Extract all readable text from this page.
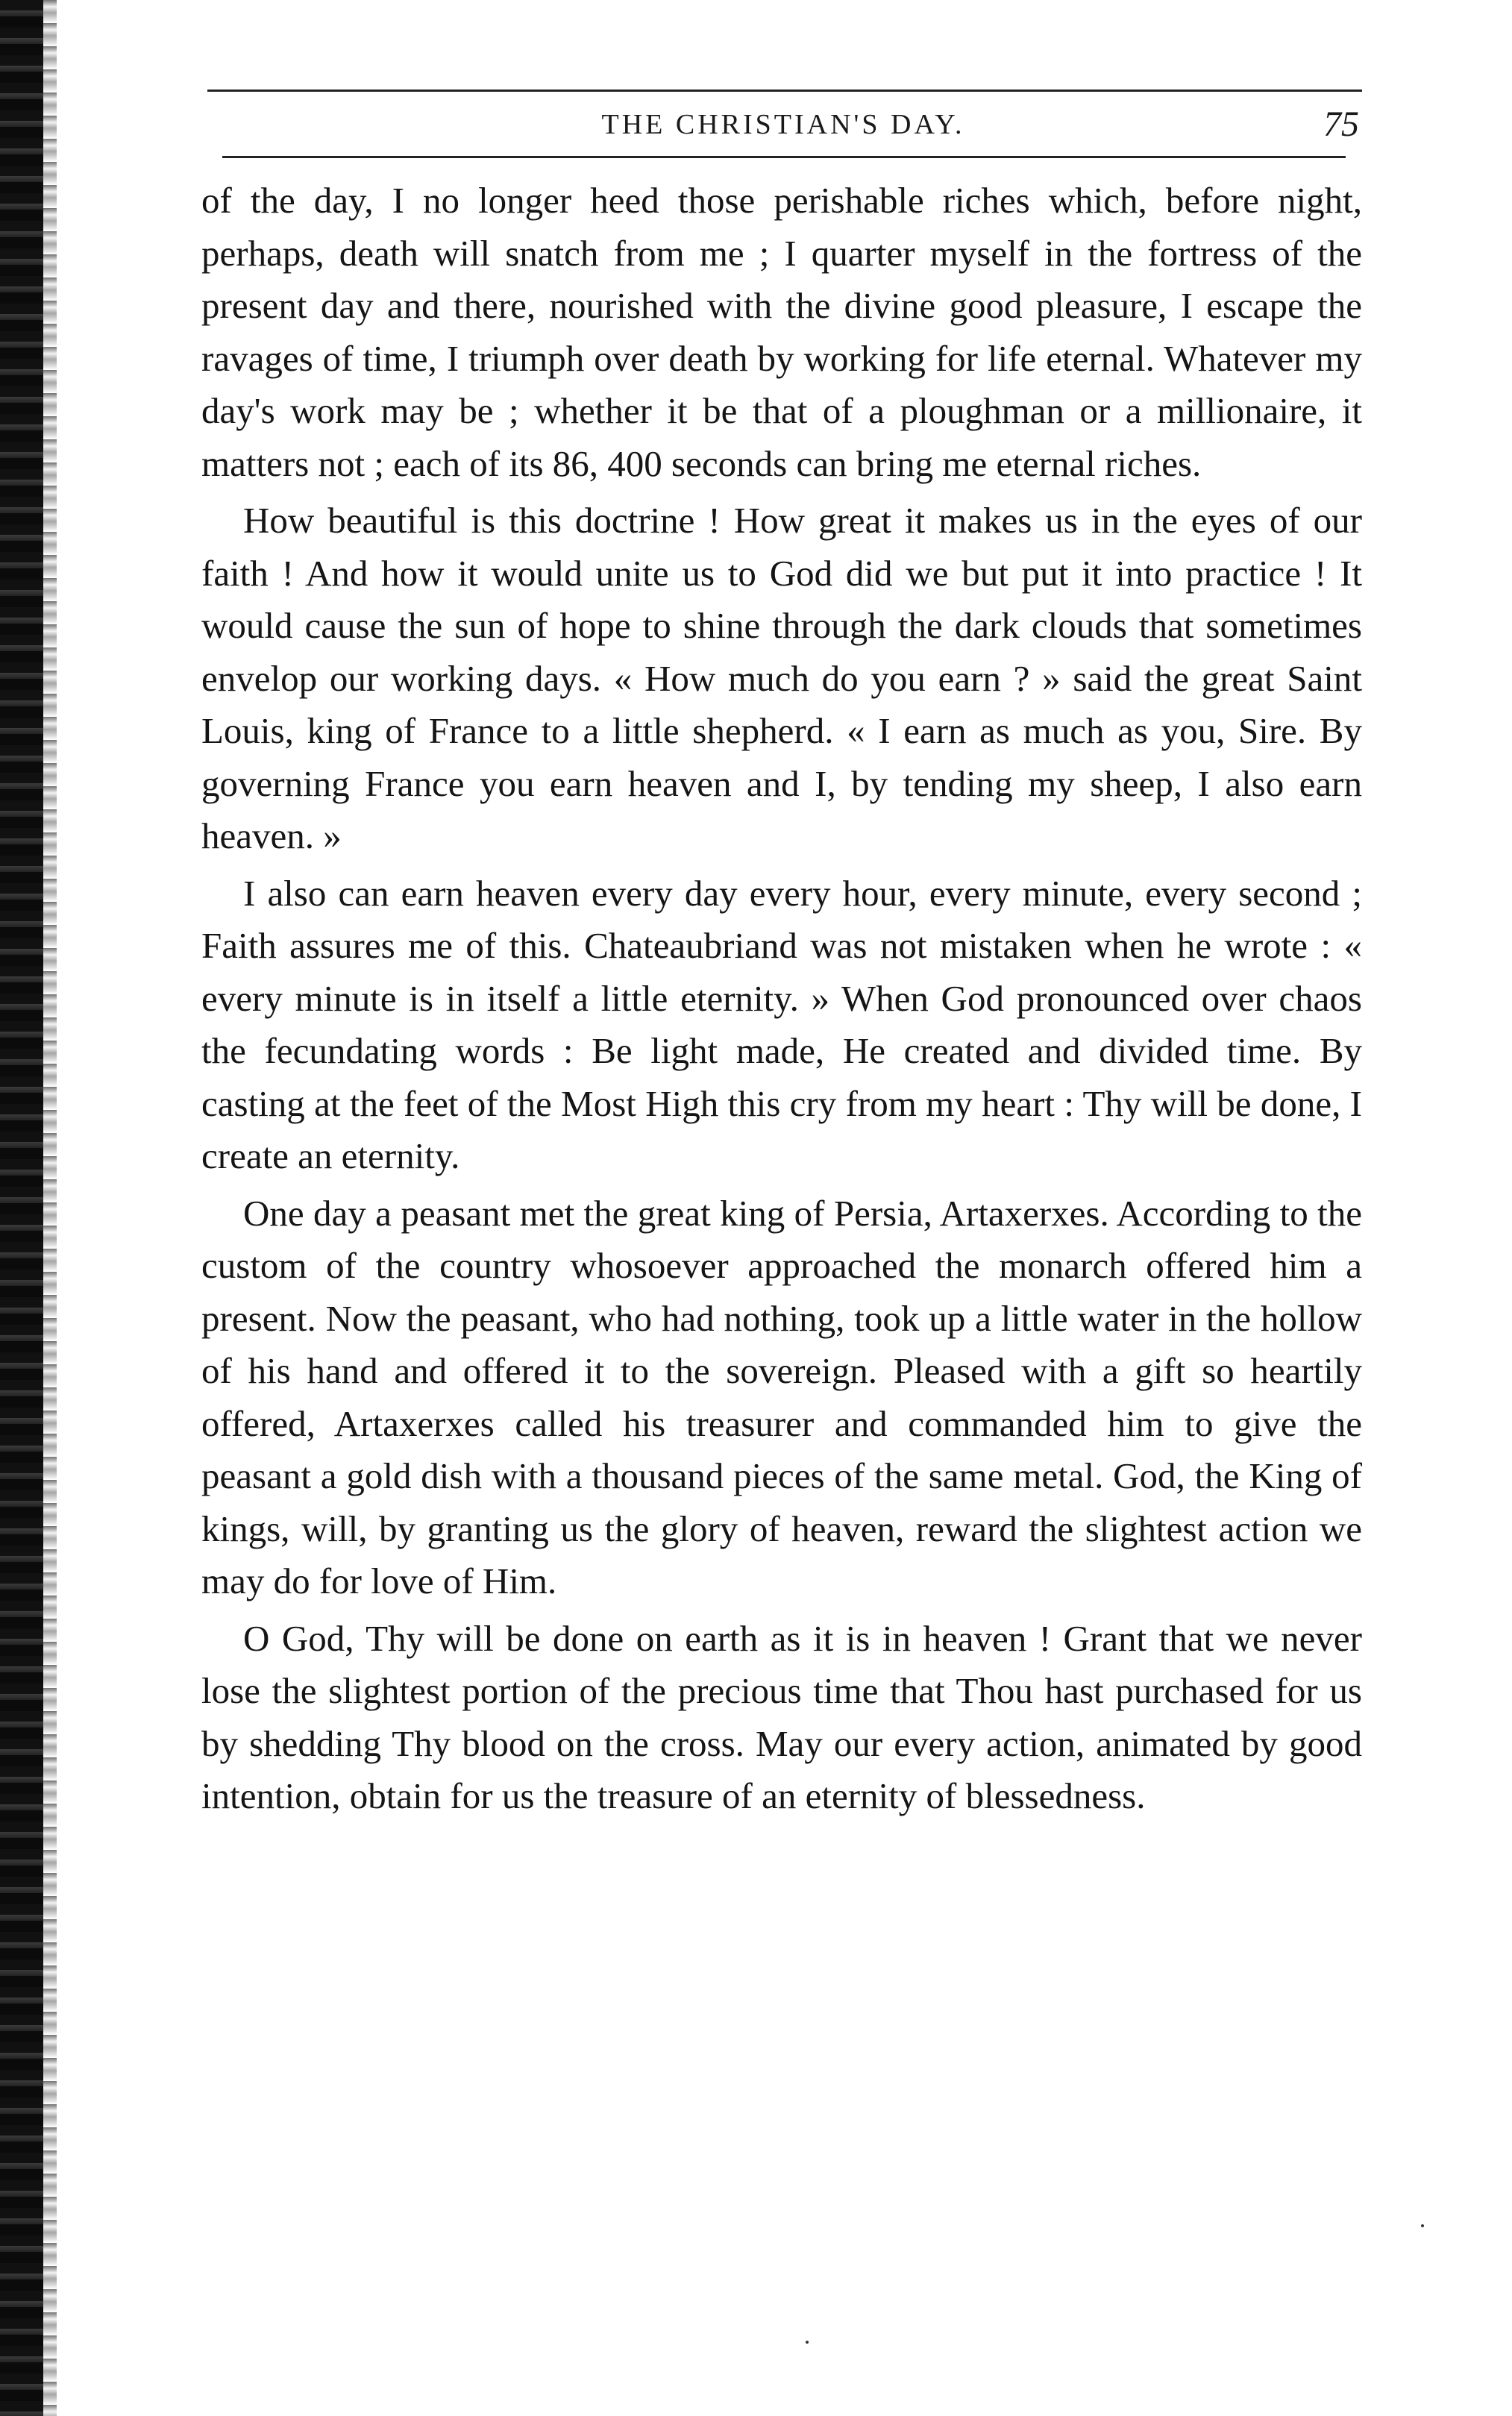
THE CHRISTIAN'S DAY.	75

of the day, I no longer heed those perishable riches which, before night, perhaps, death will snatch from me ; I quarter myself in the fortress of the present day and there, nourished with the divine good pleasure, I escape the ravages of time, I triumph over death by working for life eternal. Whatever my day's work may be ; whether it be that of a ploughman or a millionaire, it matters not ; each of its 86, 400 seconds can bring me eternal riches.

How beautiful is this doctrine ! How great it makes us in the eyes of our faith ! And how it would unite us to God did we but put it into practice ! It would cause the sun of hope to shine through the dark clouds that sometimes envelop our working days. « How much do you earn ? » said the great Saint Louis, king of France to a little shepherd. « I earn as much as you, Sire. By governing France you earn heaven and I, by tending my sheep, I also earn heaven. »

I also can earn heaven every day every hour, every minute, every second ; Faith assures me of this. Chateaubriand was not mistaken when he wrote : « every minute is in itself a little eternity. » When God pronounced over chaos the fecundating words : Be light made, He created and divided time. By casting at the feet of the Most High this cry from my heart : Thy will be done, I create an eternity.

One day a peasant met the great king of Persia, Artaxerxes. According to the custom of the country whosoever approached the monarch offered him a present. Now the peasant, who had nothing, took up a little water in the hollow of his hand and offered it to the sovereign. Pleased with a gift so heartily offered, Artaxerxes called his treasurer and commanded him to give the peasant a gold dish with a thousand pieces of the same metal. God, the King of kings, will, by granting us the glory of heaven, reward the slightest action we may do for love of Him.

O God, Thy will be done on earth as it is in heaven ! Grant that we never lose the slightest portion of the precious time that Thou hast purchased for us by shedding Thy blood on the cross. May our every action, animated by good intention, obtain for us the treasure of an eternity of blessedness.
